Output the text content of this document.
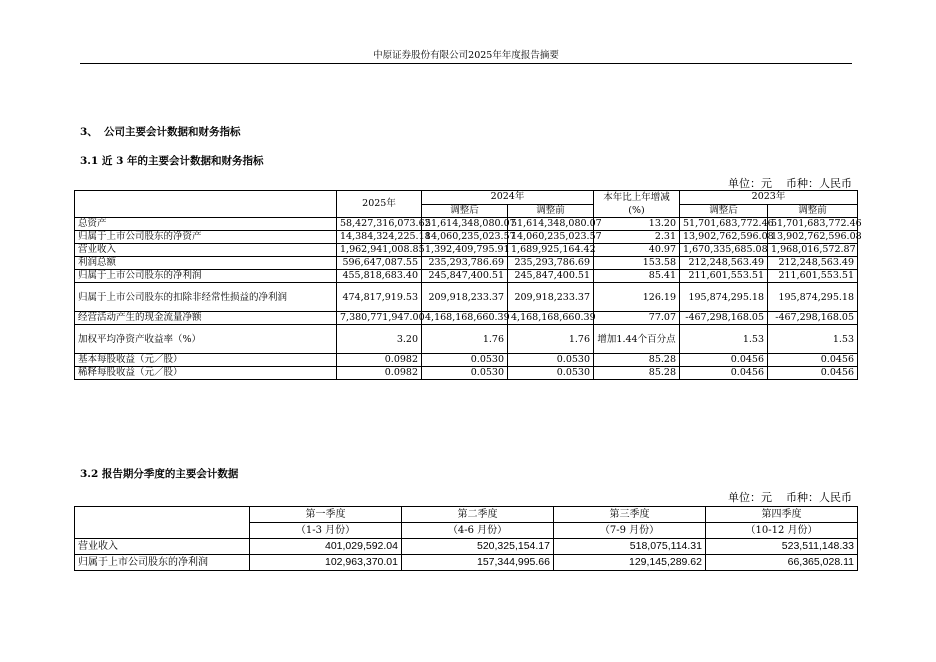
中原证券股份有限公司2025年年度报告摘要
3、 公司主要会计数据和财务指标
3.1 近 3 年的主要会计数据和财务指标
单位：元 币种：人民币
	2025年	2024年		本年比上年增减(%)	2023年	
		调整后	调整前		调整后	调整前
总资产	58,427,316,073.62	51,614,348,080.07	51,614,348,080.07	13.20	51,701,683,772.46	51,701,683,772.46
归属于上市公司股东的净资产	14,384,324,225.18	14,060,235,023.57	14,060,235,023.57	2.31	13,902,762,596.08	13,902,762,596.08
营业收入	1,962,941,008.85	1,392,409,795.91	1,689,925,164.42	40.97	1,670,335,685.08	1,968,016,572.87
利润总额	596,647,087.55	235,293,786.69	235,293,786.69	153.58	212,248,563.49	212,248,563.49
归属于上市公司股东的净利润	455,818,683.40	245,847,400.51	245,847,400.51	85.41	211,601,553.51	211,601,553.51
归属于上市公司股东的扣除非经常性损益的净利润	474,817,919.53	209,918,233.37	209,918,233.37	126.19	195,874,295.18	195,874,295.18
经营活动产生的现金流量净额	7,380,771,947.00	4,168,168,660.39	4,168,168,660.39	77.07	-467,298,168.05	-467,298,168.05
加权平均净资产收益率（%）	3.20	1.76	1.76	增加1.44个百分点	1.53	1.53
基本每股收益（元／股）	0.0982	0.0530	0.0530	85.28	0.0456	0.0456
稀释每股收益（元／股）	0.0982	0.0530	0.0530	85.28	0.0456	0.0456
3.2 报告期分季度的主要会计数据
单位：元 币种：人民币
	第一季度	第二季度	第三季度	第四季度
	（1-3 月份）	（4-6 月份）	（7-9 月份）	（10-12 月份）
营业收入	401,029,592.04	520,325,154.17	518,075,114.31	523,511,148.33
归属于上市公司股东的净利润	102,963,370.01	157,344,995.66	129,145,289.62	66,365,028.11
